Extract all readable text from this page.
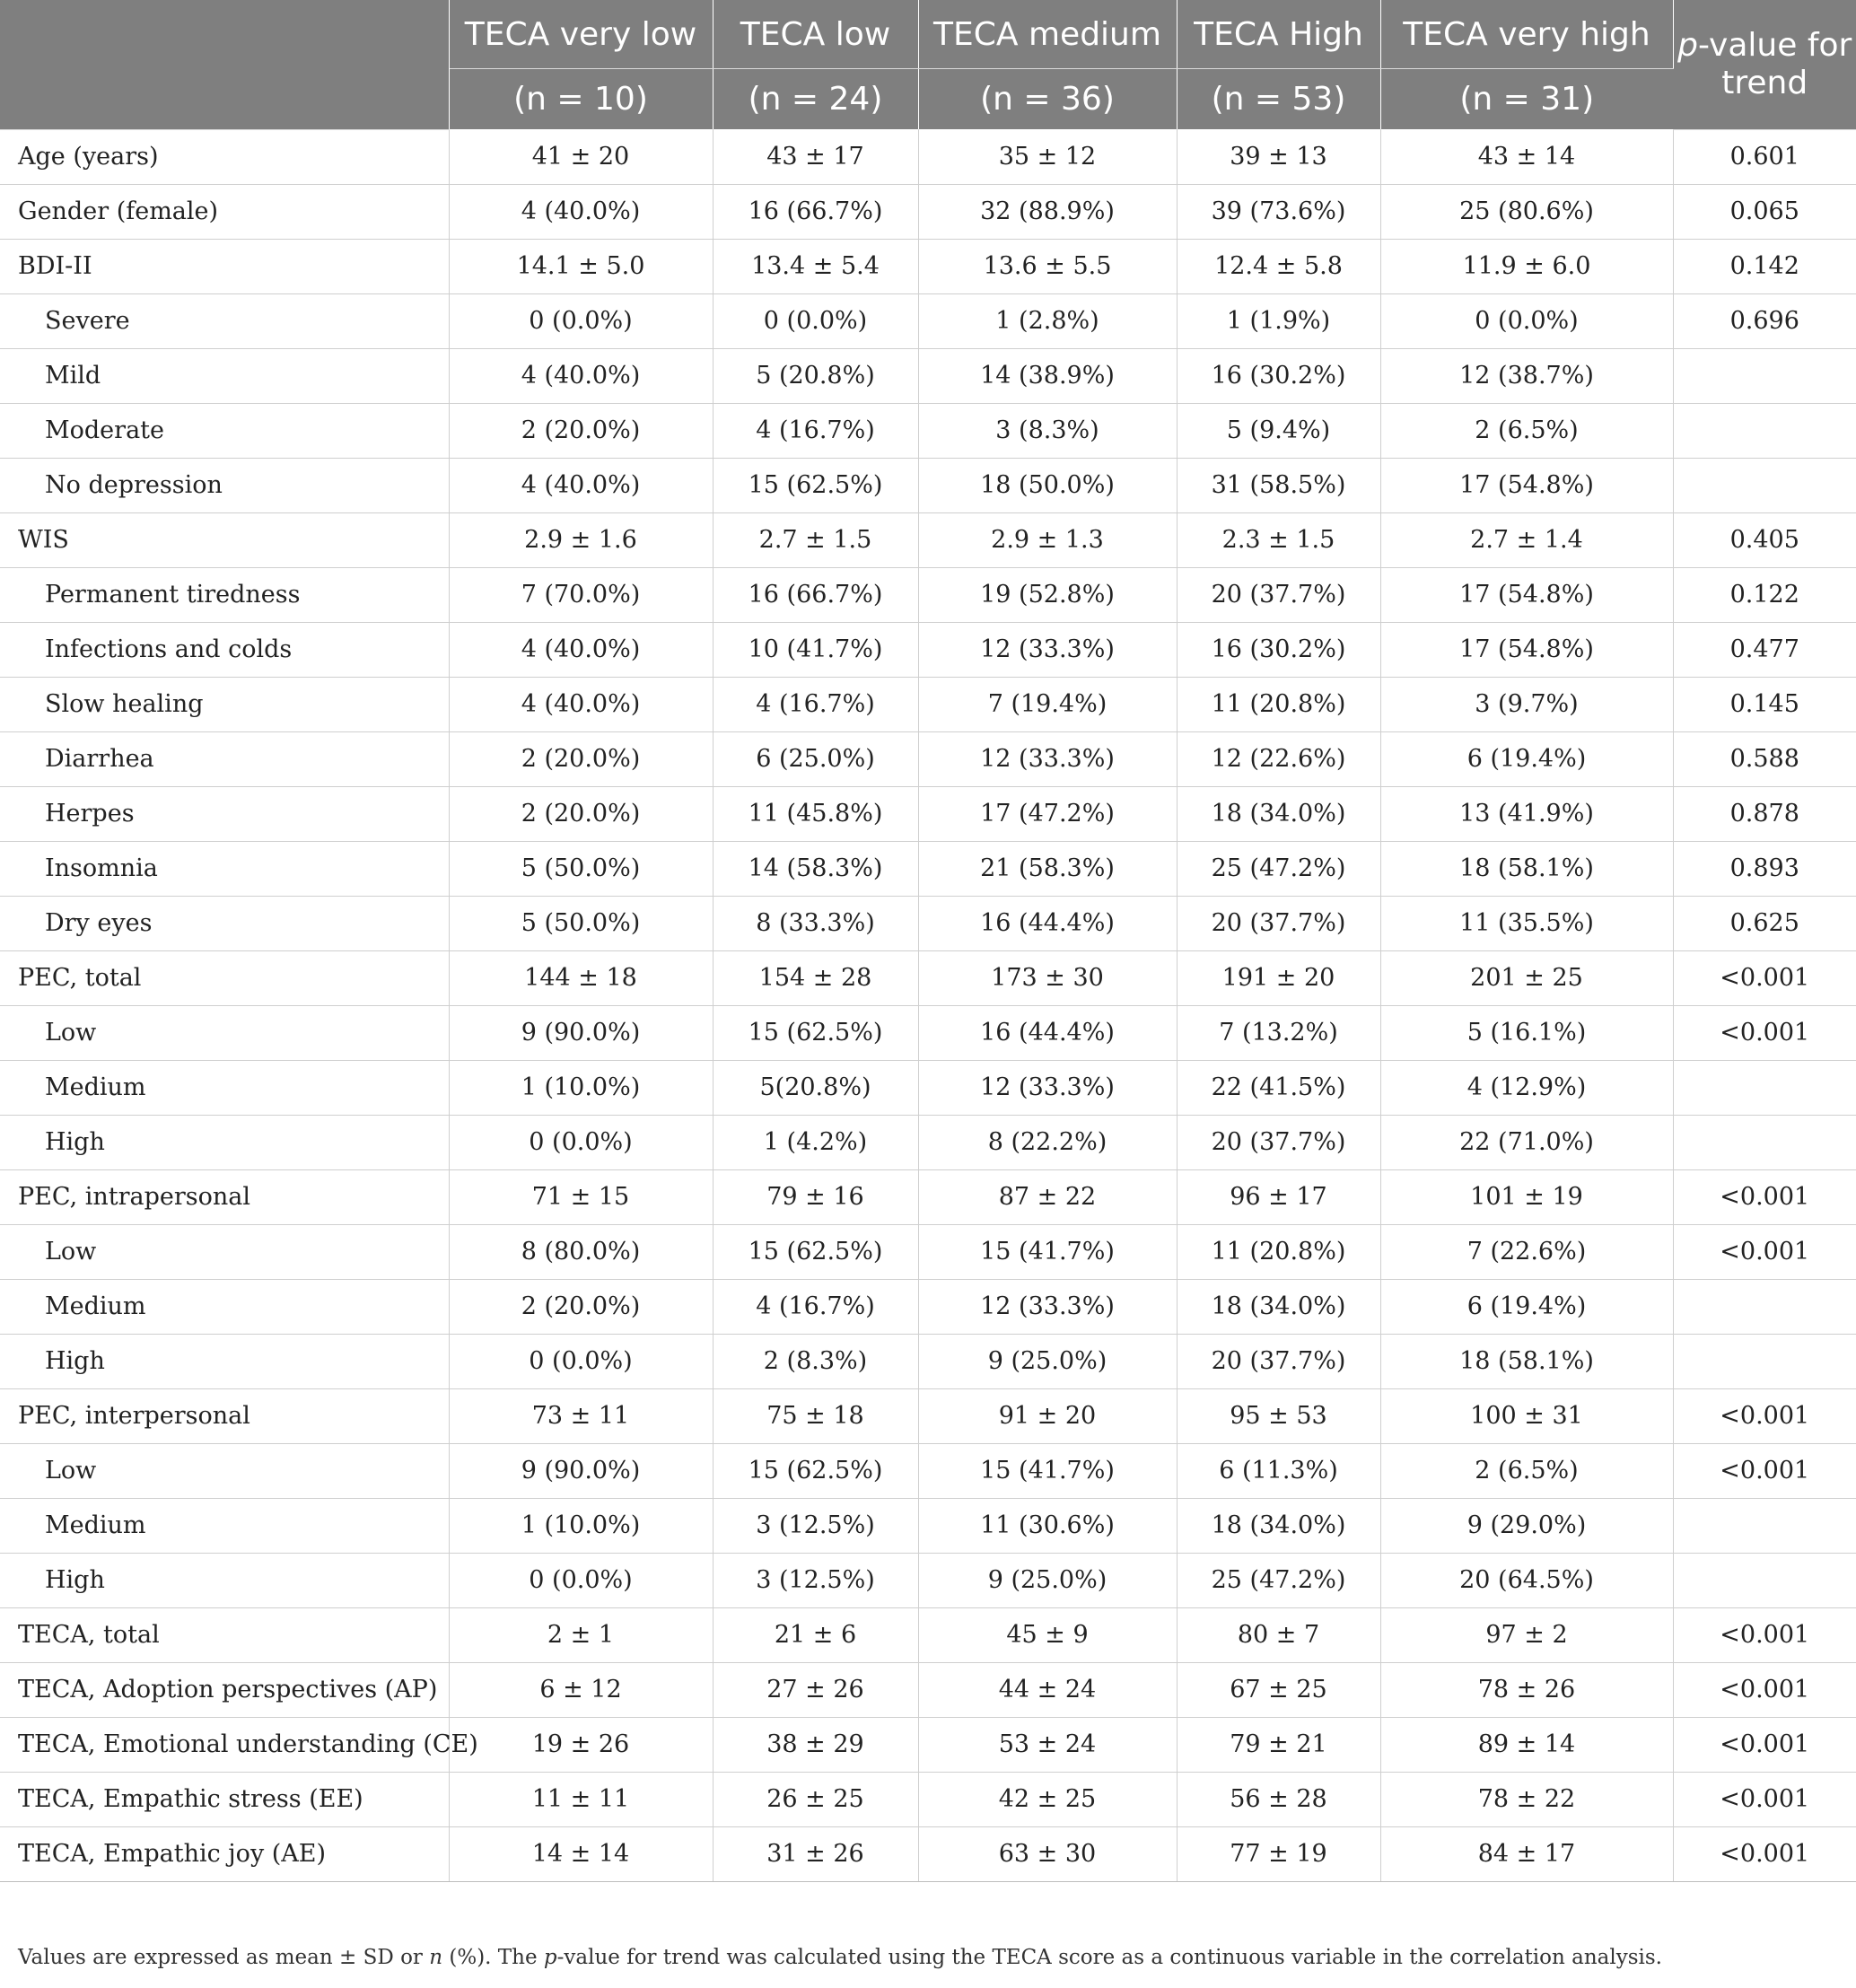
	TECA very low	TECA low	TECA medium	TECA High	TECA very high	p-value for trend
	(n = 10)	(n = 24)	(n = 36)	(n = 53)	(n = 31)	
Age (years)	41 ± 20	43 ± 17	35 ± 12	39 ± 13	43 ± 14	0.601
Gender (female)	4 (40.0%)	16 (66.7%)	32 (88.9%)	39 (73.6%)	25 (80.6%)	0.065
BDI-II	14.1 ± 5.0	13.4 ± 5.4	13.6 ± 5.5	12.4 ± 5.8	11.9 ± 6.0	0.142
Severe	0 (0.0%)	0 (0.0%)	1 (2.8%)	1 (1.9%)	0 (0.0%)	0.696
Mild	4 (40.0%)	5 (20.8%)	14 (38.9%)	16 (30.2%)	12 (38.7%)	
Moderate	2 (20.0%)	4 (16.7%)	3 (8.3%)	5 (9.4%)	2 (6.5%)	
No depression	4 (40.0%)	15 (62.5%)	18 (50.0%)	31 (58.5%)	17 (54.8%)	
WIS	2.9 ± 1.6	2.7 ± 1.5	2.9 ± 1.3	2.3 ± 1.5	2.7 ± 1.4	0.405
Permanent tiredness	7 (70.0%)	16 (66.7%)	19 (52.8%)	20 (37.7%)	17 (54.8%)	0.122
Infections and colds	4 (40.0%)	10 (41.7%)	12 (33.3%)	16 (30.2%)	17 (54.8%)	0.477
Slow healing	4 (40.0%)	4 (16.7%)	7 (19.4%)	11 (20.8%)	3 (9.7%)	0.145
Diarrhea	2 (20.0%)	6 (25.0%)	12 (33.3%)	12 (22.6%)	6 (19.4%)	0.588
Herpes	2 (20.0%)	11 (45.8%)	17 (47.2%)	18 (34.0%)	13 (41.9%)	0.878
Insomnia	5 (50.0%)	14 (58.3%)	21 (58.3%)	25 (47.2%)	18 (58.1%)	0.893
Dry eyes	5 (50.0%)	8 (33.3%)	16 (44.4%)	20 (37.7%)	11 (35.5%)	0.625
PEC, total	144 ± 18	154 ± 28	173 ± 30	191 ± 20	201 ± 25	<0.001
Low	9 (90.0%)	15 (62.5%)	16 (44.4%)	7 (13.2%)	5 (16.1%)	<0.001
Medium	1 (10.0%)	5(20.8%)	12 (33.3%)	22 (41.5%)	4 (12.9%)	
High	0 (0.0%)	1 (4.2%)	8 (22.2%)	20 (37.7%)	22 (71.0%)	
PEC, intrapersonal	71 ± 15	79 ± 16	87 ± 22	96 ± 17	101 ± 19	<0.001
Low	8 (80.0%)	15 (62.5%)	15 (41.7%)	11 (20.8%)	7 (22.6%)	<0.001
Medium	2 (20.0%)	4 (16.7%)	12 (33.3%)	18 (34.0%)	6 (19.4%)	
High	0 (0.0%)	2 (8.3%)	9 (25.0%)	20 (37.7%)	18 (58.1%)	
PEC, interpersonal	73 ± 11	75 ± 18	91 ± 20	95 ± 53	100 ± 31	<0.001
Low	9 (90.0%)	15 (62.5%)	15 (41.7%)	6 (11.3%)	2 (6.5%)	<0.001
Medium	1 (10.0%)	3 (12.5%)	11 (30.6%)	18 (34.0%)	9 (29.0%)	
High	0 (0.0%)	3 (12.5%)	9 (25.0%)	25 (47.2%)	20 (64.5%)	
TECA, total	2 ± 1	21 ± 6	45 ± 9	80 ± 7	97 ± 2	<0.001
TECA, Adoption perspectives (AP)	6 ± 12	27 ± 26	44 ± 24	67 ± 25	78 ± 26	<0.001
TECA, Emotional understanding (CE)	19 ± 26	38 ± 29	53 ± 24	79 ± 21	89 ± 14	<0.001
TECA, Empathic stress (EE)	11 ± 11	26 ± 25	42 ± 25	56 ± 28	78 ± 22	<0.001
TECA, Empathic joy (AE)	14 ± 14	31 ± 26	63 ± 30	77 ± 19	84 ± 17	<0.001
Values are expressed as mean ± SD or n (%). The p-value for trend was calculated using the TECA score as a continuous variable in the correlation analysis.
